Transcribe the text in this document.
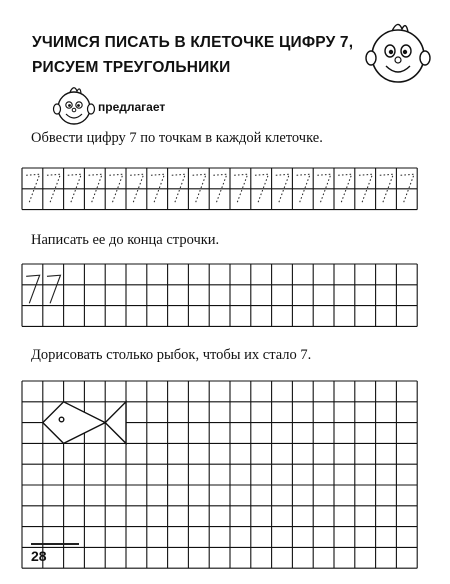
УЧИМСЯ ПИСАТЬ В КЛЕТОЧКЕ ЦИФРУ 7,
РИСУЕМ ТРЕУГОЛЬНИКИ
предлагает
Обвести цифру 7 по точкам в каждой клеточке.
Написать ее до конца строчки.
Дорисовать столько рыбок, чтобы их стало 7.
28
